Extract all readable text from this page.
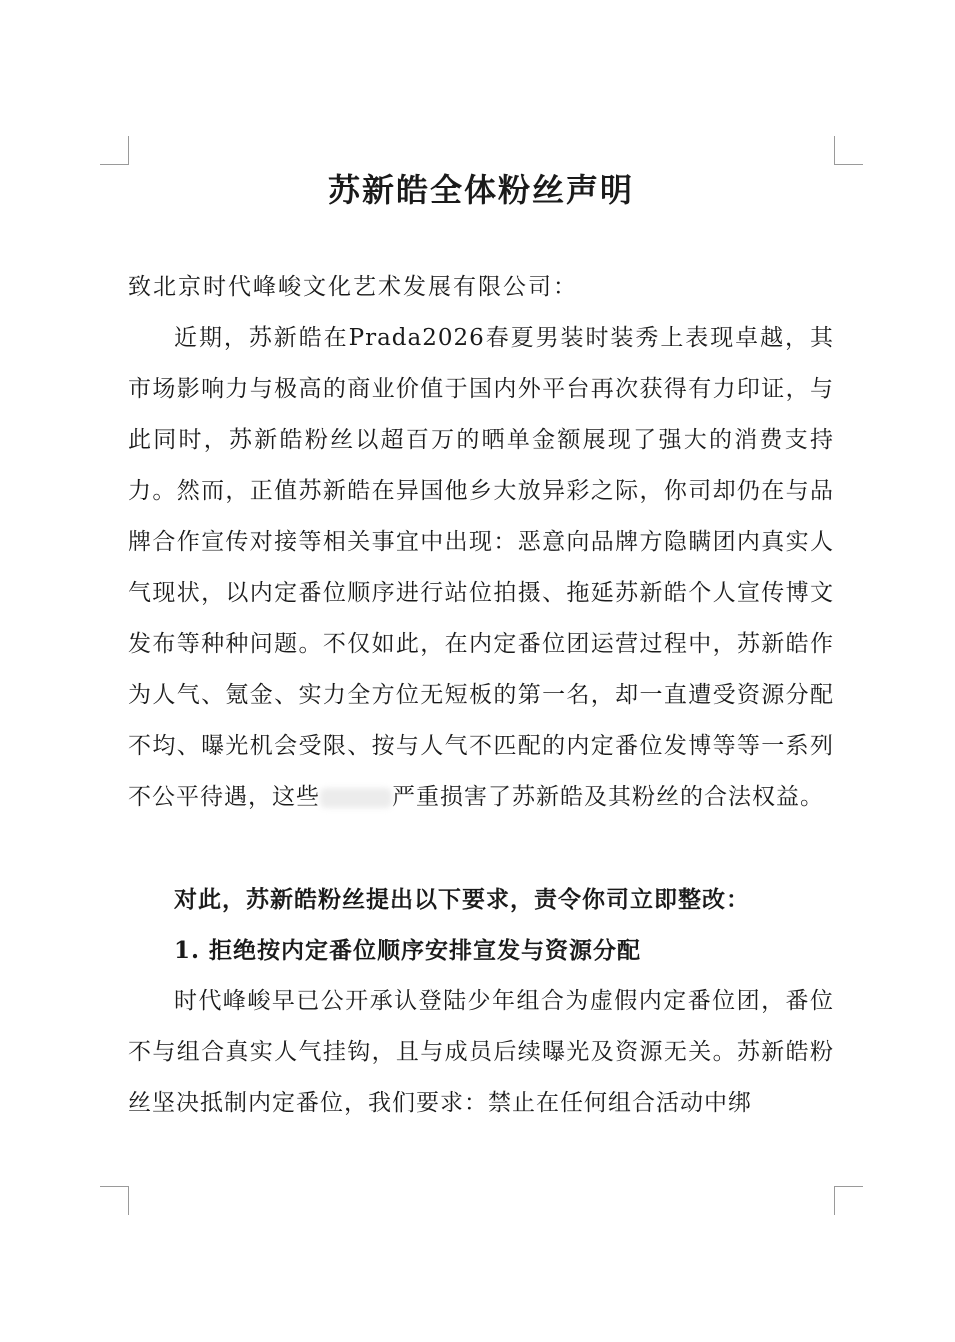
苏新皓全体粉丝声明

致北京时代峰峻文化艺术发展有限公司：

近期，苏新皓在Prada2026春夏男装时装秀上表现卓越，其市场影响力与极高的商业价值于国内外平台再次获得有力印证，与此同时，苏新皓粉丝以超百万的晒单金额展现了强大的消费支持力。然而，正值苏新皓在异国他乡大放异彩之际，你司却仍在与品牌合作宣传对接等相关事宜中出现：恶意向品牌方隐瞒团内真实人气现状，以内定番位顺序进行站位拍摄、拖延苏新皓个人宣传博文发布等种种问题。不仅如此，在内定番位团运营过程中，苏新皓作为人气、氪金、实力全方位无短板的第一名，却一直遭受资源分配不均、曝光机会受限、按与人气不匹配的内定番位发博等等一系列不公平待遇，这些	严重损害了苏新皓及其粉丝的合法权益。

对此，苏新皓粉丝提出以下要求，责令你司立即整改：

1. 拒绝按内定番位顺序安排宣发与资源分配

时代峰峻早已公开承认登陆少年组合为虚假内定番位团，番位不与组合真实人气挂钩，且与成员后续曝光及资源无关。苏新皓粉丝坚决抵制内定番位，我们要求：禁止在任何组合活动中绑
